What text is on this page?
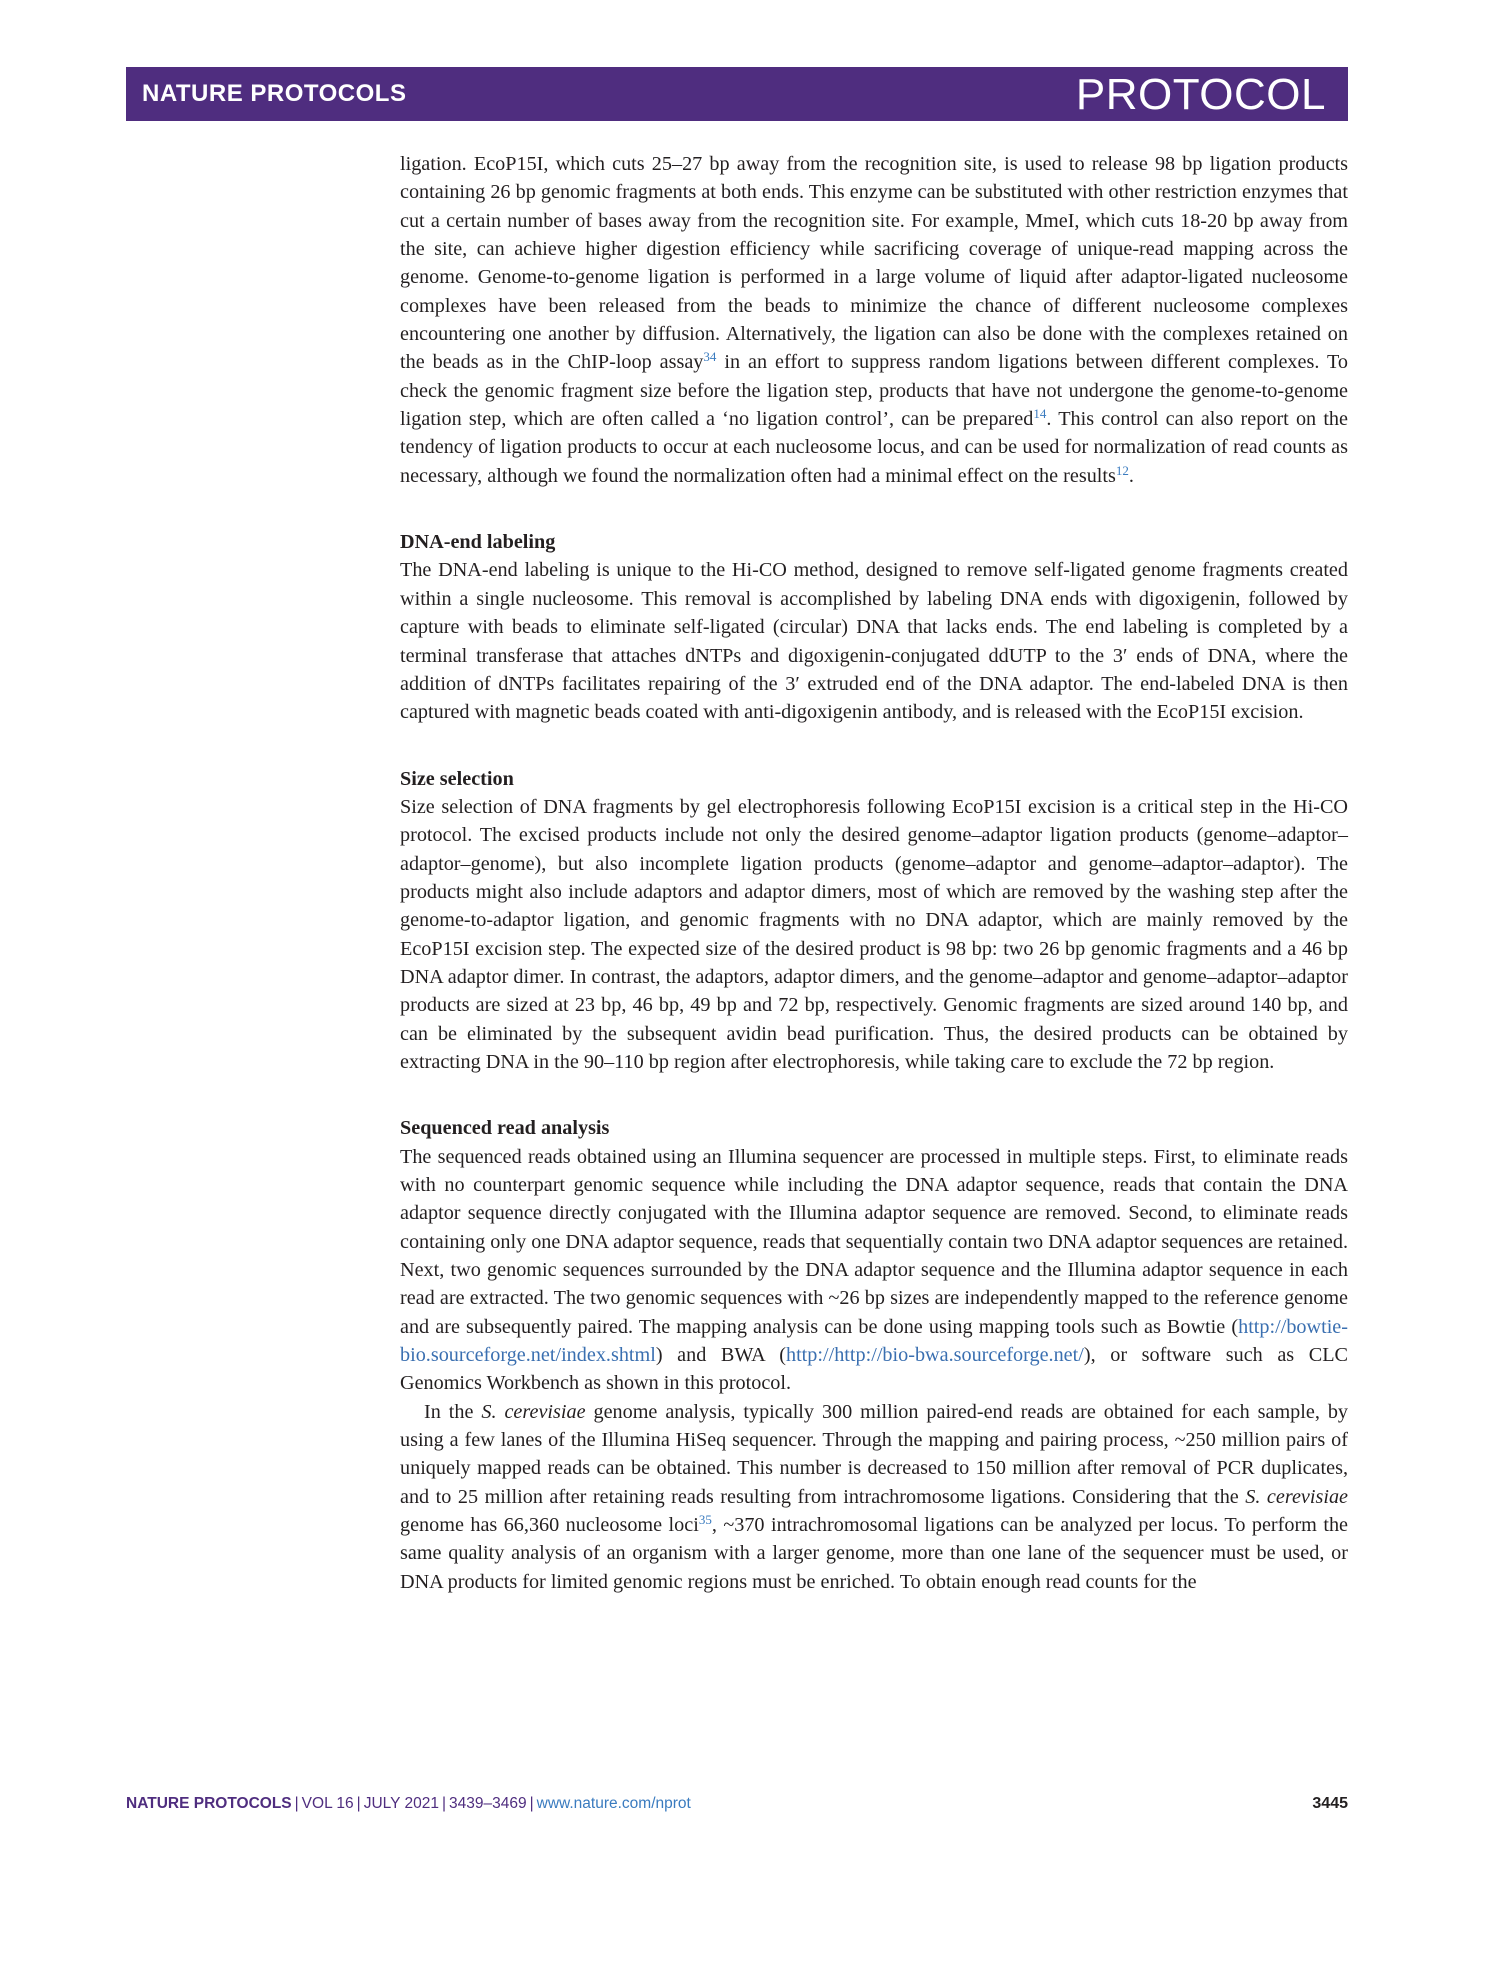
NATURE PROTOCOLS	PROTOCOL

ligation. EcoP15I, which cuts 25–27 bp away from the recognition site, is used to release 98 bp ligation products containing 26 bp genomic fragments at both ends. This enzyme can be substituted with other restriction enzymes that cut a certain number of bases away from the recognition site. For example, MmeI, which cuts 18-20 bp away from the site, can achieve higher digestion efficiency while sacrificing coverage of unique-read mapping across the genome. Genome-to-genome ligation is performed in a large volume of liquid after adaptor-ligated nucleosome complexes have been released from the beads to minimize the chance of different nucleosome complexes encountering one another by diffusion. Alternatively, the ligation can also be done with the complexes retained on the beads as in the ChIP-loop assay$^{34}$ in an effort to suppress random ligations between different complexes. To check the genomic fragment size before the ligation step, products that have not undergone the genome-to-genome ligation step, which are often called a ‘no ligation control’, can be prepared$^{14}$. This control can also report on the tendency of ligation products to occur at each nucleosome locus, and can be used for normalization of read counts as necessary, although we found the normalization often had a minimal effect on the results$^{12}$.

DNA-end labeling

The DNA-end labeling is unique to the Hi-CO method, designed to remove self-ligated genome fragments created within a single nucleosome. This removal is accomplished by labeling DNA ends with digoxigenin, followed by capture with beads to eliminate self-ligated (circular) DNA that lacks ends. The end labeling is completed by a terminal transferase that attaches dNTPs and digoxigenin-conjugated ddUTP to the 3′ ends of DNA, where the addition of dNTPs facilitates repairing of the 3′ extruded end of the DNA adaptor. The end-labeled DNA is then captured with magnetic beads coated with anti-digoxigenin antibody, and is released with the EcoP15I excision.

Size selection

Size selection of DNA fragments by gel electrophoresis following EcoP15I excision is a critical step in the Hi-CO protocol. The excised products include not only the desired genome–adaptor ligation products (genome–adaptor–adaptor–genome), but also incomplete ligation products (genome–adaptor and genome–adaptor–adaptor). The products might also include adaptors and adaptor dimers, most of which are removed by the washing step after the genome-to-adaptor ligation, and genomic fragments with no DNA adaptor, which are mainly removed by the EcoP15I excision step. The expected size of the desired product is 98 bp: two 26 bp genomic fragments and a 46 bp DNA adaptor dimer. In contrast, the adaptors, adaptor dimers, and the genome–adaptor and genome–adaptor–adaptor products are sized at 23 bp, 46 bp, 49 bp and 72 bp, respectively. Genomic fragments are sized around 140 bp, and can be eliminated by the subsequent avidin bead purification. Thus, the desired products can be obtained by extracting DNA in the 90–110 bp region after electrophoresis, while taking care to exclude the 72 bp region.

Sequenced read analysis

The sequenced reads obtained using an Illumina sequencer are processed in multiple steps. First, to eliminate reads with no counterpart genomic sequence while including the DNA adaptor sequence, reads that contain the DNA adaptor sequence directly conjugated with the Illumina adaptor sequence are removed. Second, to eliminate reads containing only one DNA adaptor sequence, reads that sequentially contain two DNA adaptor sequences are retained. Next, two genomic sequences surrounded by the DNA adaptor sequence and the Illumina adaptor sequence in each read are extracted. The two genomic sequences with ~26 bp sizes are independently mapped to the reference genome and are subsequently paired. The mapping analysis can be done using mapping tools such as Bowtie (http://bowtie-bio.sourceforge.net/index.shtml) and BWA (http://http://bio-bwa.sourceforge.net/), or software such as CLC Genomics Workbench as shown in this protocol.

In the S. cerevisiae genome analysis, typically 300 million paired-end reads are obtained for each sample, by using a few lanes of the Illumina HiSeq sequencer. Through the mapping and pairing process, ~250 million pairs of uniquely mapped reads can be obtained. This number is decreased to 150 million after removal of PCR duplicates, and to 25 million after retaining reads resulting from intrachromosome ligations. Considering that the S. cerevisiae genome has 66,360 nucleosome loci$^{35}$, ~370 intrachromosomal ligations can be analyzed per locus. To perform the same quality analysis of an organism with a larger genome, more than one lane of the sequencer must be used, or DNA products for limited genomic regions must be enriched. To obtain enough read counts for the

NATURE PROTOCOLS | VOL 16 | JULY 2021 | 3439–3469 | www.nature.com/nprot	3445
